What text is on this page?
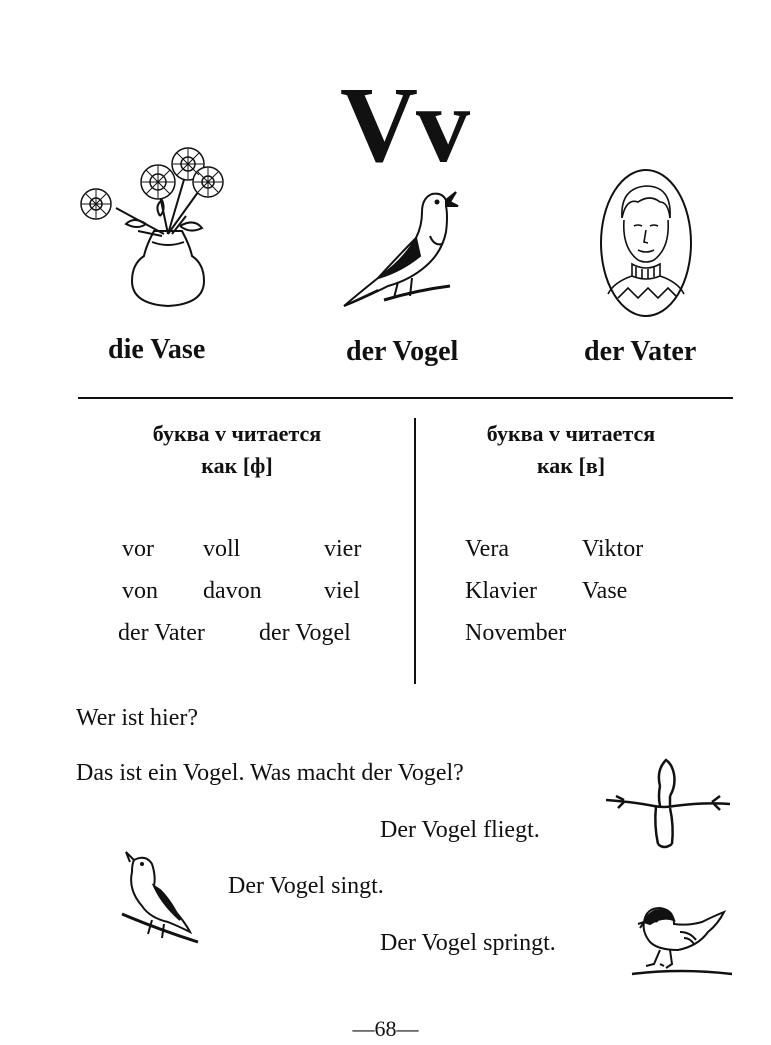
Vv
die Vase	der Vogel	der Vater
буква v читается
как [ф]
vor voll	vier
von davon	viel
der Vater der Vogel
буква v читается
как [в]
Vera	Viktor
Klavier Vase
November
Wer ist hier?
Das ist ein Vogel. Was macht der Vogel?
Der Vogel fliegt.
Der Vogel singt.
Der Vogel springt.
—68—
